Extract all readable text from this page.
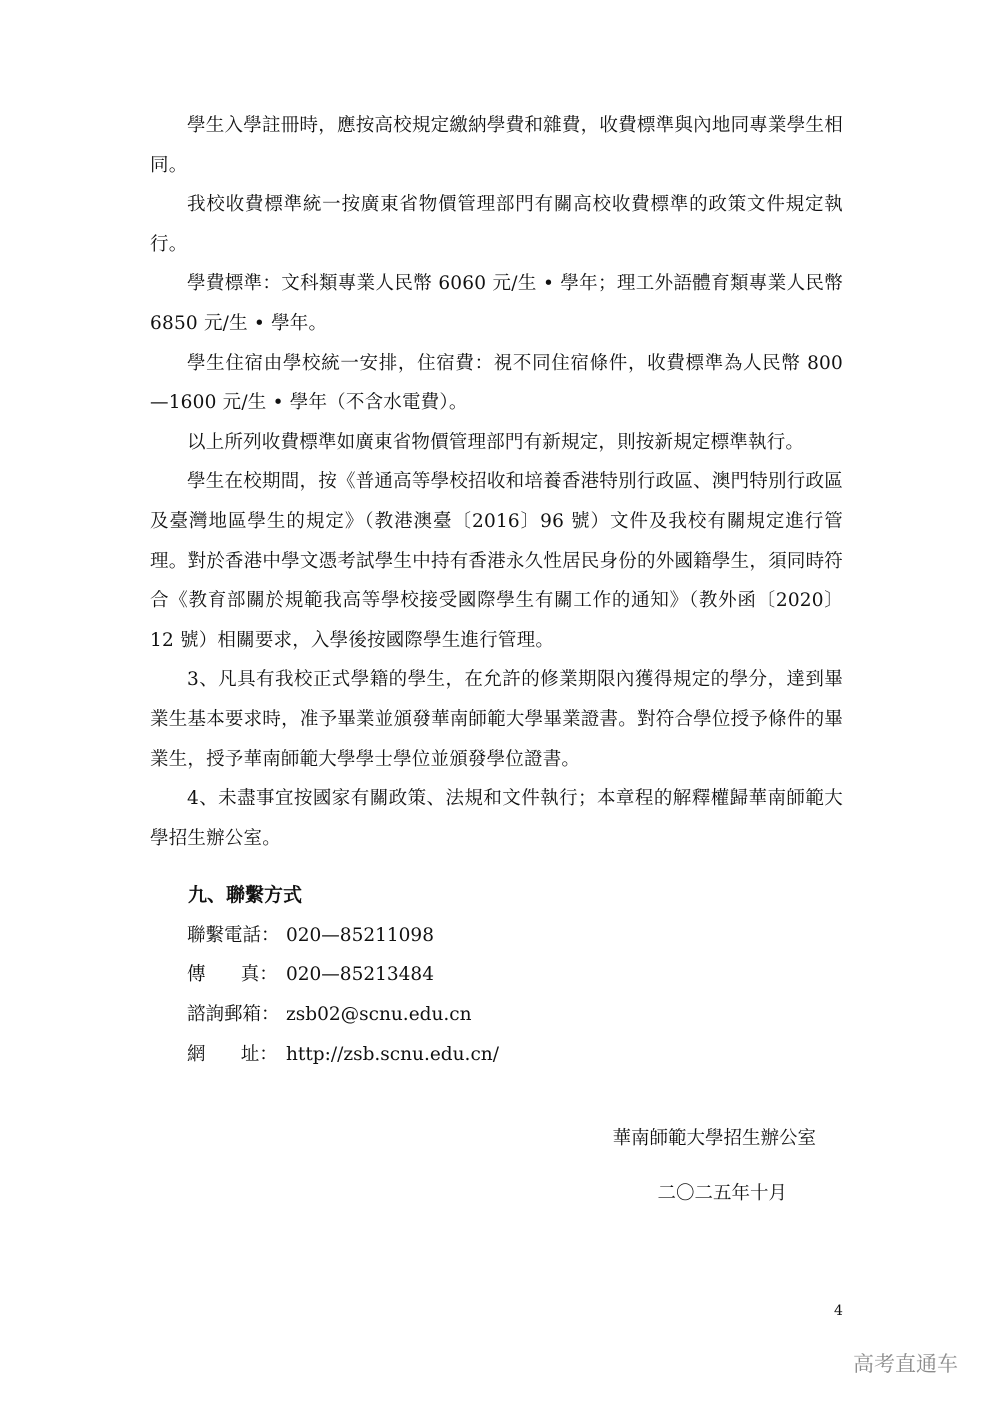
學生入學註冊時，應按高校規定繳納學費和雜費，收費標準與內地同專業學生相同。

我校收費標準統一按廣東省物價管理部門有關高校收費標準的政策文件規定執行。

學費標準：文科類專業人民幣 6060 元/生 • 學年；理工外語體育類專業人民幣 6850 元/生 • 學年。

學生住宿由學校統一安排，住宿費：視不同住宿條件，收費標準為人民幣 800—1600 元/生 • 學年（不含水電費）。

以上所列收費標準如廣東省物價管理部門有新規定，則按新規定標準執行。

學生在校期間，按《普通高等學校招收和培養香港特別行政區、澳門特別行政區及臺灣地區學生的規定》（教港澳臺〔2016〕96 號）文件及我校有關規定進行管理。對於香港中學文憑考試學生中持有香港永久性居民身份的外國籍學生，須同時符合《教育部關於規範我高等學校接受國際學生有關工作的通知》（教外函〔2020〕12 號）相關要求，入學後按國際學生進行管理。

3、凡具有我校正式學籍的學生，在允許的修業期限內獲得規定的學分，達到畢業生基本要求時，准予畢業並頒發華南師範大學畢業證書。對符合學位授予條件的畢業生，授予華南師範大學學士學位並頒發學位證書。

4、未盡事宜按國家有關政策、法規和文件執行；本章程的解釋權歸華南師範大學招生辦公室。

九、聯繫方式

聯繫電話： 020—85211098

傳      真： 020—85213484

諮詢郵箱： zsb02@scnu.edu.cn

網      址： http://zsb.scnu.edu.cn/

華南師範大學招生辦公室
二〇二五年十月
4
高考直通车
